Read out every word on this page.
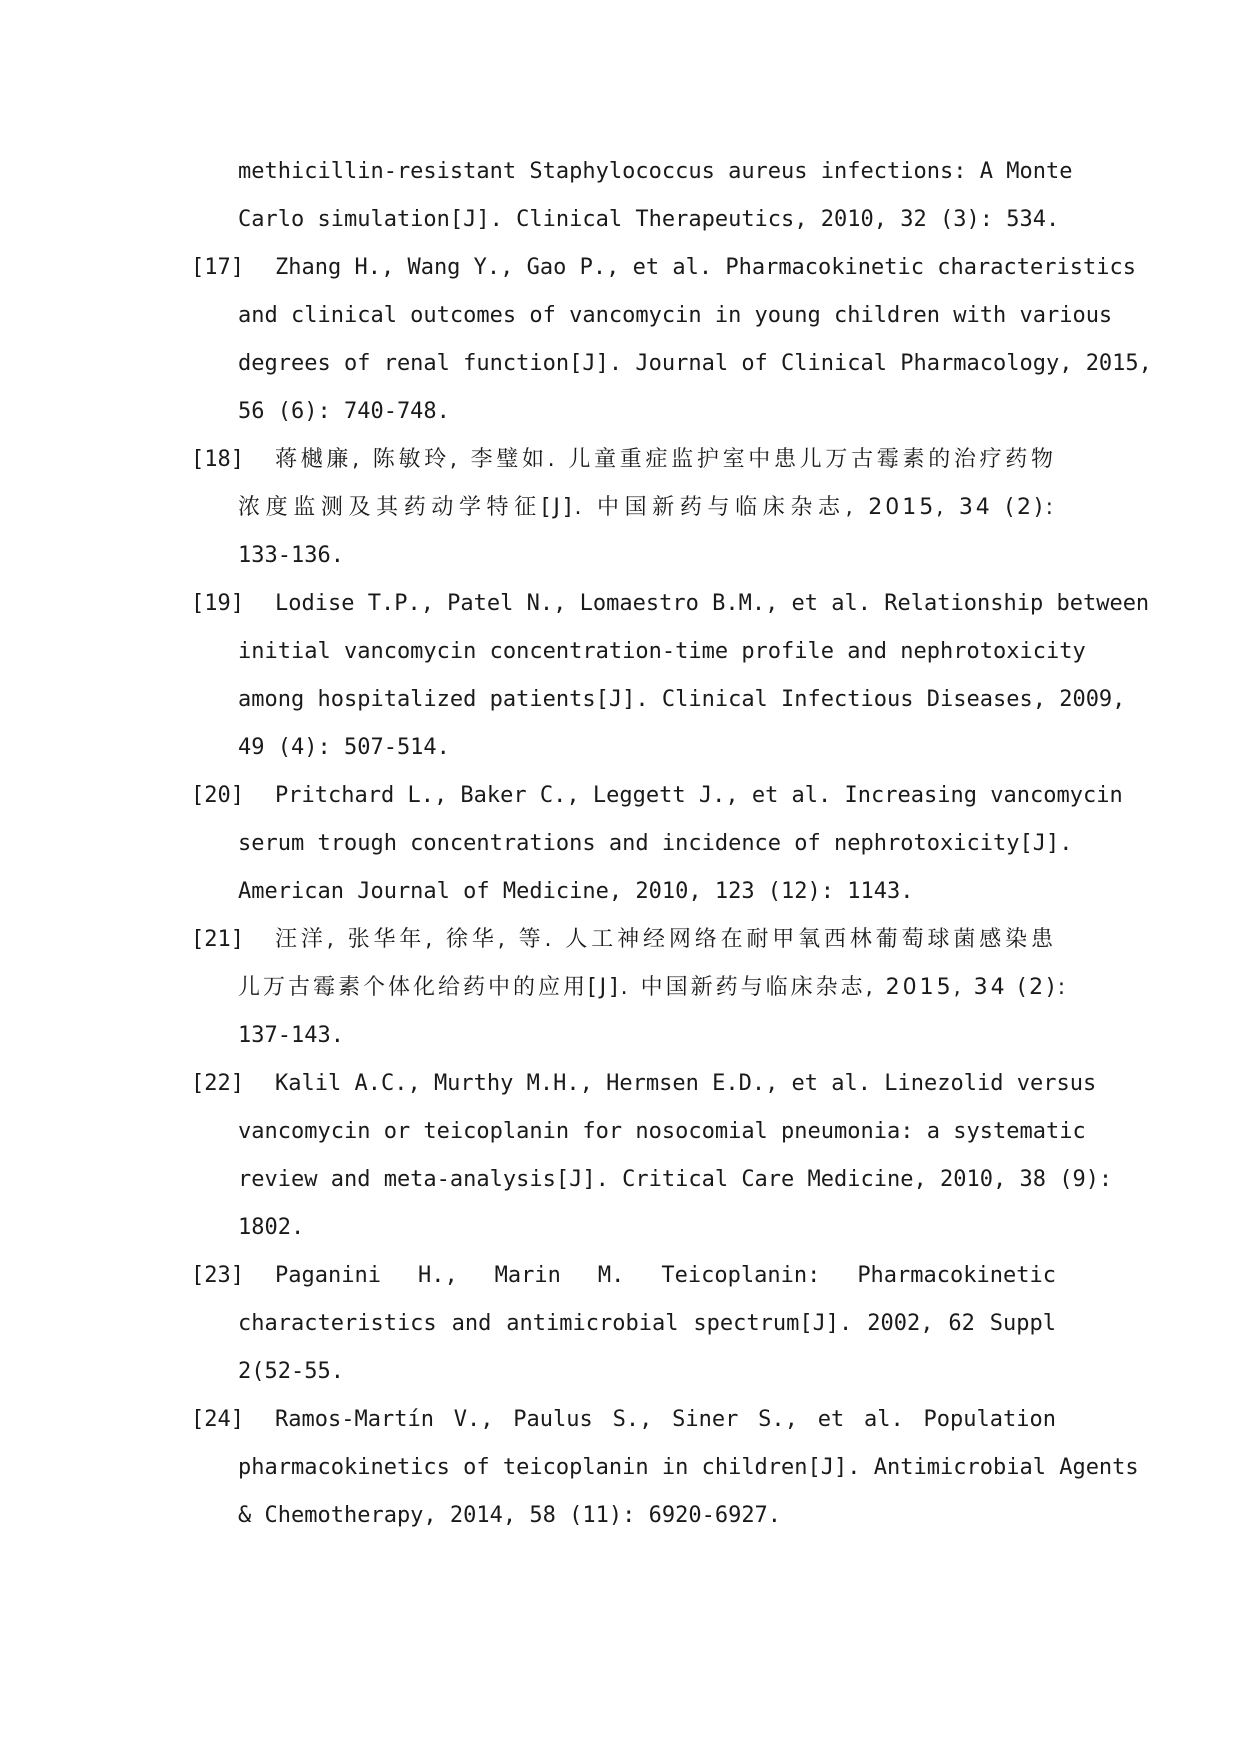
methicillin-resistant Staphylococcus aureus infections: A Monte
Carlo simulation[J]. Clinical Therapeutics, 2010, 32 (3): 534.
[17] Zhang H., Wang Y., Gao P., et al. Pharmacokinetic characteristics
and clinical outcomes of vancomycin in young children with various
degrees of renal function[J]. Journal of Clinical Pharmacology, 2015,
56 (6): 740-748.
[18] 蒋樾廉, 陈敏玲, 李璧如. 儿童重症监护室中患儿万古霉素的治疗药物
浓度监测及其药动学特征[J]. 中国新药与临床杂志, 2015, 34 (2):
133-136.
[19] Lodise T.P., Patel N., Lomaestro B.M., et al. Relationship between
initial vancomycin concentration-time profile and nephrotoxicity
among hospitalized patients[J]. Clinical Infectious Diseases, 2009,
49 (4): 507-514.
[20] Pritchard L., Baker C., Leggett J., et al. Increasing vancomycin
serum trough concentrations and incidence of nephrotoxicity[J].
American Journal of Medicine, 2010, 123 (12): 1143.
[21] 汪洋, 张华年, 徐华, 等. 人工神经网络在耐甲氧西林葡萄球菌感染患
儿万古霉素个体化给药中的应用[J]. 中国新药与临床杂志, 2015, 34 (2):
137-143.
[22] Kalil A.C., Murthy M.H., Hermsen E.D., et al. Linezolid versus
vancomycin or teicoplanin for nosocomial pneumonia: a systematic
review and meta-analysis[J]. Critical Care Medicine, 2010, 38 (9):
1802.
[23] Paganini H., Marin M. Teicoplanin: Pharmacokinetic
characteristics and antimicrobial spectrum[J]. 2002, 62 Suppl
2(52-55.
[24] Ramos-Martín V., Paulus S., Siner S., et al. Population
pharmacokinetics of teicoplanin in children[J]. Antimicrobial Agents
& Chemotherapy, 2014, 58 (11): 6920-6927.
